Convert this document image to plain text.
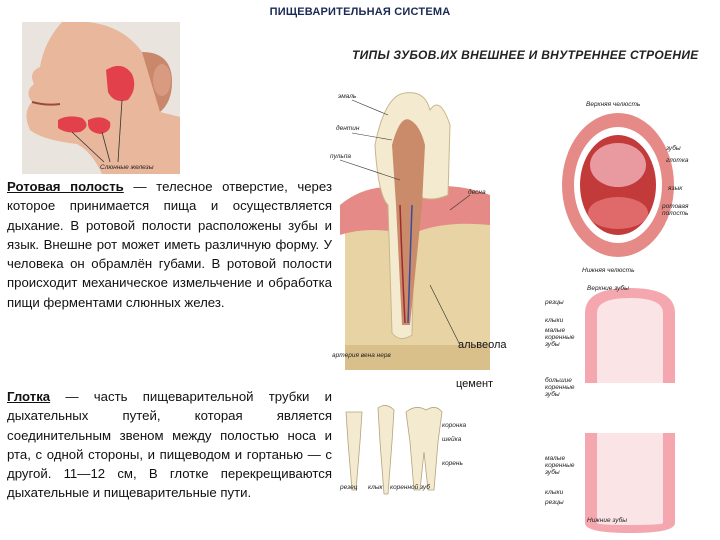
ПИЩЕВАРИТЕЛЬНАЯ СИСТЕМА
ТИПЫ ЗУБОВ.ИХ ВНЕШНЕЕ И ВНУТРЕННЕЕ СТРОЕНИЕ
Слюнные железы
Ротовая полость — телесное отверстие, через которое принимается пища и осуществляется дыхание. В ротовой полости расположены зубы и язык. Внешне рот может иметь различную форму. У человека он обрамлён губами. В ротовой полости происходит механическое измельчение и обработка пищи ферментами слюнных желез.
Глотка — часть пищеварительной трубки и дыхательных путей, которая является соединительным звеном между полостью носа и рта, с одной стороны, и пищеводом и гортанью — с другой. 11—12 см, В глотке перекрещиваются дыхательные и пищеварительные пути.
эмаль
дентин
пульпа
десна
артерия вена нерв
альвеола
цемент
коронка
шейка
корень
резец клык коренной зуб
Верхняя челюсть
зубы
глотка
язык
ротовая полость
Нижняя челюсть
Верхние зубы
резцы
клыки
малые коренные зубы
большие коренные зубы
малые коренные зубы
клыки
резцы
Нижние зубы
